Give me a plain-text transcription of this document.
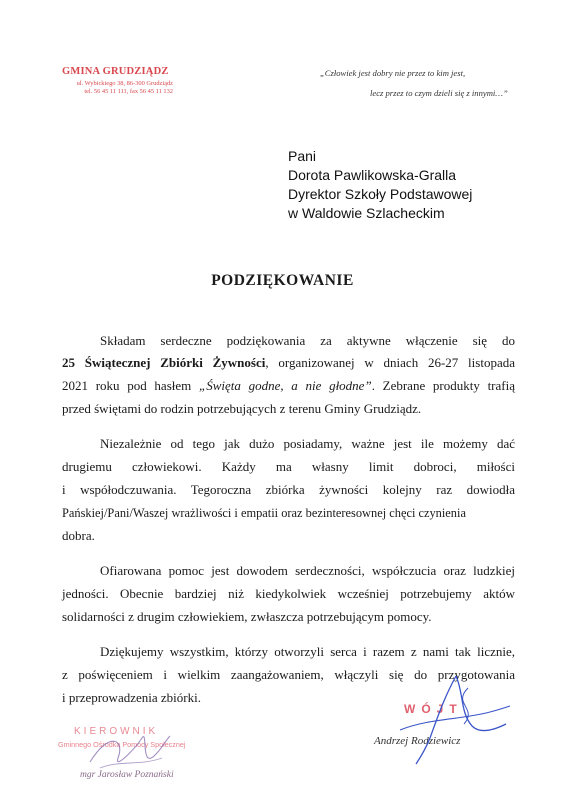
GMINA GRUDZIĄDZ
ul. Wybickiego 38, 86-300 Grudziądz
tel. 56 45 11 111, fax 56 45 11 132
„Człowiek jest dobry nie przez to kim jest,
lecz przez to czym dzieli się z innymi…”
Pani
Dorota Pawlikowska-Gralla
Dyrektor Szkoły Podstawowej
w Waldowie Szlacheckim
PODZIĘKOWANIE
Składam serdeczne podziękowania za aktywne włączenie się do
25 Świątecznej Zbiórki Żywności, organizowanej w dniach 26-27 listopada
2021 roku pod hasłem „Święta godne, a nie głodne”. Zebrane produkty trafią
przed świętami do rodzin potrzebujących z terenu Gminy Grudziądz.
Niezależnie od tego jak dużo posiadamy, ważne jest ile możemy dać
drugiemu człowiekowi. Każdy ma własny limit dobroci, miłości
i współodczuwania. Tegoroczna zbiórka żywności kolejny raz dowiodła
Pańskiej/Pani/Waszej wrażliwości i empatii oraz bezinteresownej chęci czynienia
dobra.
Ofiarowana pomoc jest dowodem serdeczności, współczucia oraz ludzkiej
jedności. Obecnie bardziej niż kiedykolwiek wcześniej potrzebujemy aktów
solidarności z drugim człowiekiem, zwłaszcza potrzebującym pomocy.
Dziękujemy wszystkim, którzy otworzyli serca i razem z nami tak licznie,
z poświęceniem i wielkim zaangażowaniem, włączyli się do przygotowania
i przeprowadzenia zbiórki.
KIEROWNIK
Gminnego Ośrodka Pomocy Społecznej
mgr Jarosław Poznański
WÓJT
Andrzej Rodziewicz
